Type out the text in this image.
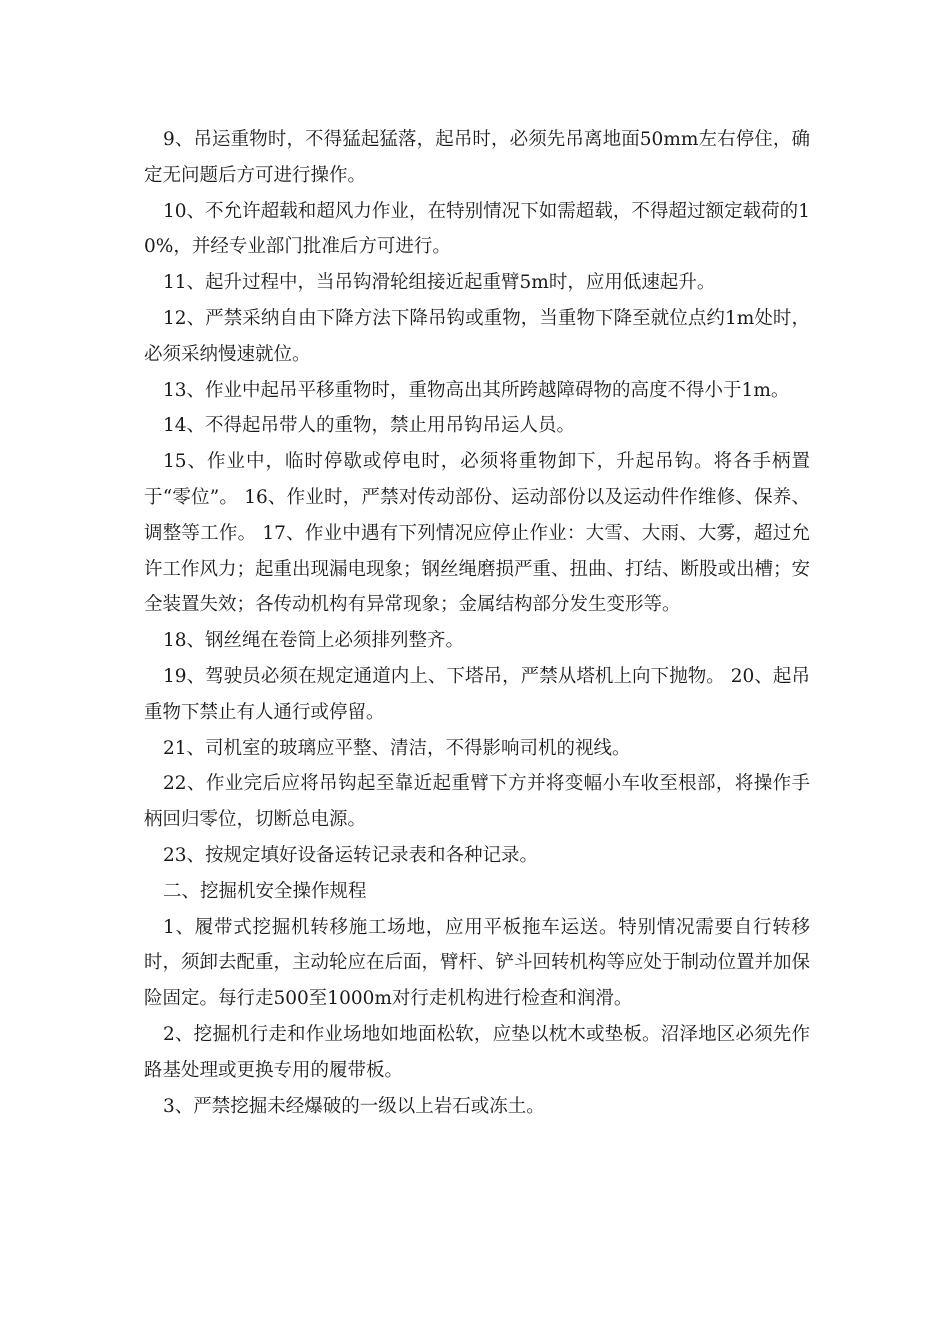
9、吊运重物时，不得猛起猛落，起吊时，必须先吊离地面50mm左右停住，确定无问题后方可进行操作。

10、不允许超载和超风力作业，在特别情况下如需超载，不得超过额定载荷的10%，并经专业部门批准后方可进行。

11、起升过程中，当吊钩滑轮组接近起重臂5m时，应用低速起升。

12、严禁采纳自由下降方法下降吊钩或重物，当重物下降至就位点约1m处时，必须采纳慢速就位。

13、作业中起吊平移重物时，重物高出其所跨越障碍物的高度不得小于1m。

14、不得起吊带人的重物，禁止用吊钩吊运人员。

15、作业中，临时停歇或停电时，必须将重物卸下，升起吊钩。将各手柄置于“零位”。 16、作业时，严禁对传动部份、运动部份以及运动件作维修、保养、调整等工作。 17、作业中遇有下列情况应停止作业：大雪、大雨、大雾，超过允许工作风力；起重出现漏电现象；钢丝绳磨损严重、扭曲、打结、断股或出槽；安全装置失效；各传动机构有异常现象；金属结构部分发生变形等。

18、钢丝绳在卷筒上必须排列整齐。

19、驾驶员必须在规定通道内上、下塔吊，严禁从塔机上向下抛物。 20、起吊重物下禁止有人通行或停留。

21、司机室的玻璃应平整、清洁，不得影响司机的视线。

22、作业完后应将吊钩起至靠近起重臂下方并将变幅小车收至根部，将操作手柄回归零位，切断总电源。

23、按规定填好设备运转记录表和各种记录。

二、挖掘机安全操作规程

1、履带式挖掘机转移施工场地，应用平板拖车运送。特别情况需要自行转移时，须卸去配重，主动轮应在后面，臂杆、铲斗回转机构等应处于制动位置并加保险固定。每行走500至1000m对行走机构进行检查和润滑。

2、挖掘机行走和作业场地如地面松软，应垫以枕木或垫板。沼泽地区必须先作路基处理或更换专用的履带板。

3、严禁挖掘未经爆破的一级以上岩石或冻土。
